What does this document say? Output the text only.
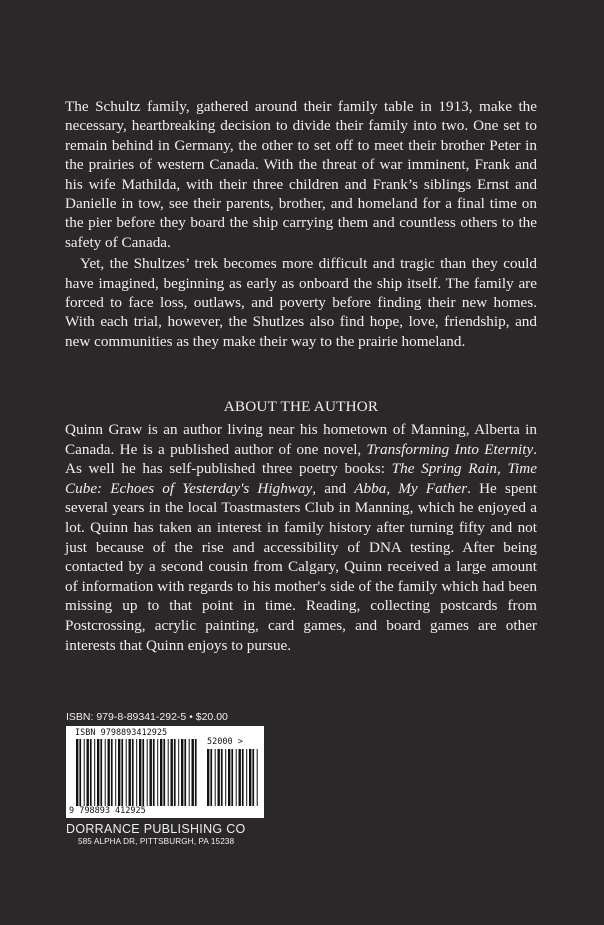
The Schultz family, gathered around their family table in 1913, make the necessary, heartbreaking decision to divide their family into two. One set to remain behind in Germany, the other to set off to meet their brother Peter in the prairies of western Canada. With the threat of war imminent, Frank and his wife Mathilda, with their three children and Frank’s siblings Ernst and Danielle in tow, see their parents, brother, and homeland for a final time on the pier before they board the ship carrying them and countless others to the safety of Canada.

Yet, the Shultzes’ trek becomes more difficult and tragic than they could have imagined, beginning as early as onboard the ship itself. The family are forced to face loss, outlaws, and poverty before finding their new homes. With each trial, however, the Shutlzes also find hope, love, friendship, and new communities as they make their way to the prairie homeland.

ABOUT THE AUTHOR

Quinn Graw is an author living near his hometown of Manning, Alberta in Canada. He is a published author of one novel, Transforming Into Eternity. As well he has self-published three poetry books: The Spring Rain, Time Cube: Echoes of Yesterday's Highway, and Abba, My Father. He spent several years in the local Toastmasters Club in Manning, which he enjoyed a lot. Quinn has taken an interest in family history after turning fifty and not just because of the rise and accessibility of DNA testing. After being contacted by a second cousin from Calgary, Quinn received a large amount of information with regards to his mother's side of the family which had been missing up to that point in time. Reading, collecting postcards from Postcrossing, acrylic painting, card games, and board games are other interests that Quinn enjoys to pursue.

ISBN: 979-8-89341-292-5 • $20.00
ISBN 9798893412925
52000 >
9 798893 412925
DORRANCE PUBLISHING CO
585 ALPHA DR, PITTSBURGH, PA 15238
